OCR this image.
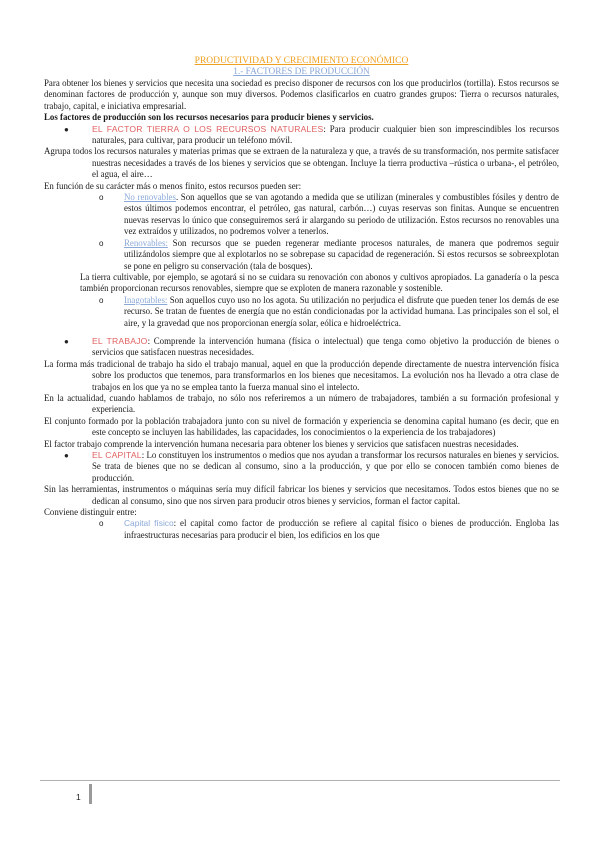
PRODUCTIVIDAD Y CRECIMIENTO ECONÓMICO
1.- FACTORES DE PRODUCCIÓN

Para obtener los bienes y servicios que necesita una sociedad es preciso disponer de recursos con los que producirlos (tortilla). Estos recursos se denominan factores de producción y, aunque son muy diversos. Podemos clasificarlos en cuatro grandes grupos: Tierra o recursos naturales, trabajo, capital, e iniciativa empresarial.

Los factores de producción son los recursos necesarios para producir bienes y servicios.

● EL FACTOR TIERRA O LOS RECURSOS NATURALES: Para producir cualquier bien son imprescindibles los recursos naturales, para cultivar, para producir un teléfono móvil.

Agrupa todos los recursos naturales y materias primas que se extraen de la naturaleza y que, a través de su transformación, nos permite satisfacer nuestras necesidades a través de los bienes y servicios que se obtengan. Incluye la tierra productiva –rústica o urbana-, el petróleo, el agua, el aire…

En función de su carácter más o menos finito, estos recursos pueden ser:

o No renovables. Son aquellos que se van agotando a medida que se utilizan (minerales y combustibles fósiles y dentro de estos últimos podemos encontrar, el petróleo, gas natural, carbón…) cuyas reservas son finitas. Aunque se encuentren nuevas reservas lo único que conseguiremos será ir alargando su periodo de utilización. Estos recursos no renovables una vez extraídos y utilizados, no podremos volver a tenerlos.

o Renovables: Son recursos que se pueden regenerar mediante procesos naturales, de manera que podremos seguir utilizándolos siempre que al explotarlos no se sobrepase su capacidad de regeneración. Si estos recursos se sobreexplotan se pone en peligro su conservación (tala de bosques).

La tierra cultivable, por ejemplo, se agotará si no se cuidara su renovación con abonos y cultivos apropiados. La ganadería o la pesca también proporcionan recursos renovables, siempre que se exploten de manera razonable y sostenible.

o Inagotables: Son aquellos cuyo uso no los agota. Su utilización no perjudica el disfrute que pueden tener los demás de ese recurso. Se tratan de fuentes de energía que no están condicionadas por la actividad humana. Las principales son el sol, el aire, y la gravedad que nos proporcionan energía solar, eólica e hidroeléctrica.

● EL TRABAJO: Comprende la intervención humana (física o intelectual) que tenga como objetivo la producción de bienes o servicios que satisfacen nuestras necesidades.

La forma más tradicional de trabajo ha sido el trabajo manual, aquel en que la producción depende directamente de nuestra intervención física sobre los productos que tenemos, para transformarlos en los bienes que necesitamos. La evolución nos ha llevado a otra clase de trabajos en los que ya no se emplea tanto la fuerza manual sino el intelecto.

En la actualidad, cuando hablamos de trabajo, no sólo nos referiremos a un número de trabajadores, también a su formación profesional y experiencia.

El conjunto formado por la población trabajadora junto con su nivel de formación y experiencia se denomina capital humano (es decir, que en este concepto se incluyen las habilidades, las capacidades, los conocimientos o la experiencia de los trabajadores)

El factor trabajo comprende la intervención humana necesaria para obtener los bienes y servicios que satisfacen nuestras necesidades.

● EL CAPITAL: Lo constituyen los instrumentos o medios que nos ayudan a transformar los recursos naturales en bienes y servicios. Se trata de bienes que no se dedican al consumo, sino a la producción, y que por ello se conocen también como bienes de producción.

Sin las herramientas, instrumentos o máquinas sería muy difícil fabricar los bienes y servicios que necesitamos. Todos estos bienes que no se dedican al consumo, sino que nos sirven para producir otros bienes y servicios, forman el factor capital.

Conviene distinguir entre:

o Capital físico: el capital como factor de producción se refiere al capital físico o bienes de producción. Engloba las infraestructuras necesarias para producir el bien, los edificios en los que

1
